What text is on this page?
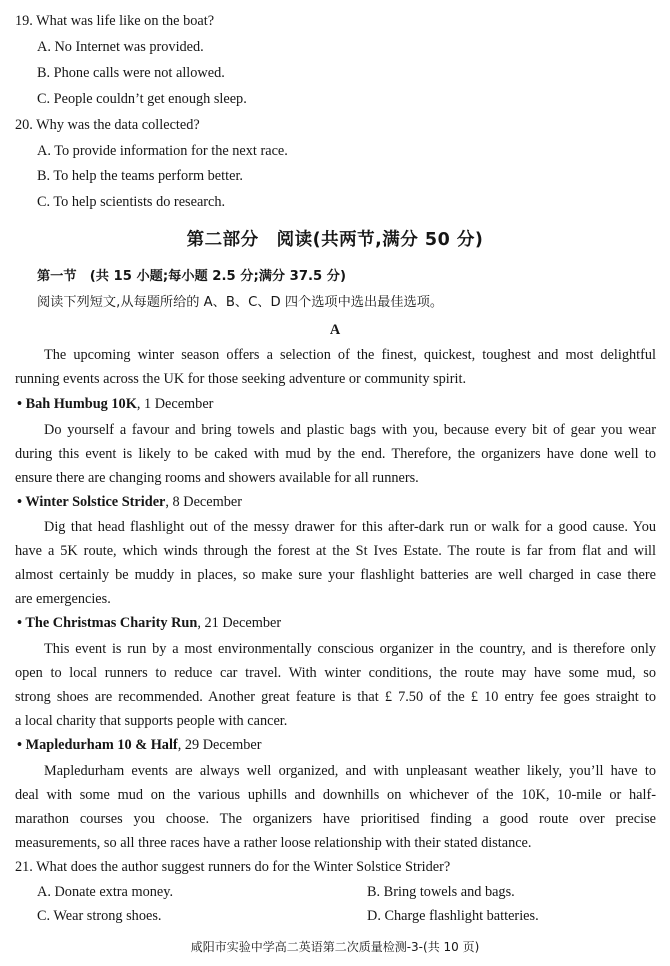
19. What was life like on the boat?
A. No Internet was provided.
B. Phone calls were not allowed.
C. People couldn’t get enough sleep.
20. Why was the data collected?
A. To provide information for the next race.
B. To help the teams perform better.
C. To help scientists do research.
第二部分　阅读(共两节,满分 50 分)
第一节　(共 15 小题;每小题 2.5 分;满分 37.5 分)
阅读下列短文,从每题所给的 A、B、C、D 四个选项中选出最佳选项。
A
The upcoming winter season offers a selection of the finest, quickest, toughest and most delightful
running events across the UK for those seeking adventure or community spirit.
• Bah Humbug 10K, 1 December
Do yourself a favour and bring towels and plastic bags with you, because every bit of gear you wear
during this event is likely to be caked with mud by the end. Therefore, the organizers have done well to
ensure there are changing rooms and showers available for all runners.
• Winter Solstice Strider, 8 December
Dig that head flashlight out of the messy drawer for this after-dark run or walk for a good cause. You
have a 5K route, which winds through the forest at the St Ives Estate. The route is far from flat and will
almost certainly be muddy in places, so make sure your flashlight batteries are well charged in case there
are emergencies.
• The Christmas Charity Run, 21 December
This event is run by a most environmentally conscious organizer in the country, and is therefore only
open to local runners to reduce car travel. With winter conditions, the route may have some mud, so
strong shoes are recommended. Another great feature is that £ 7.50 of the £ 10 entry fee goes straight to
a local charity that supports people with cancer.
• Mapledurham 10 & Half, 29 December
Mapledurham events are always well organized, and with unpleasant weather likely, you’ll have to
deal with some mud on the various uphills and downhills on whichever of the 10K, 10-mile or half-
marathon courses you choose. The organizers have prioritised finding a good route over precise
measurements, so all three races have a rather loose relationship with their stated distance.
21. What does the author suggest runners do for the Winter Solstice Strider?
A. Donate extra money.	B. Bring towels and bags.
C. Wear strong shoes.	D. Charge flashlight batteries.
咸阳市实验中学高二英语第二次质量检测-3-(共 10 页)
